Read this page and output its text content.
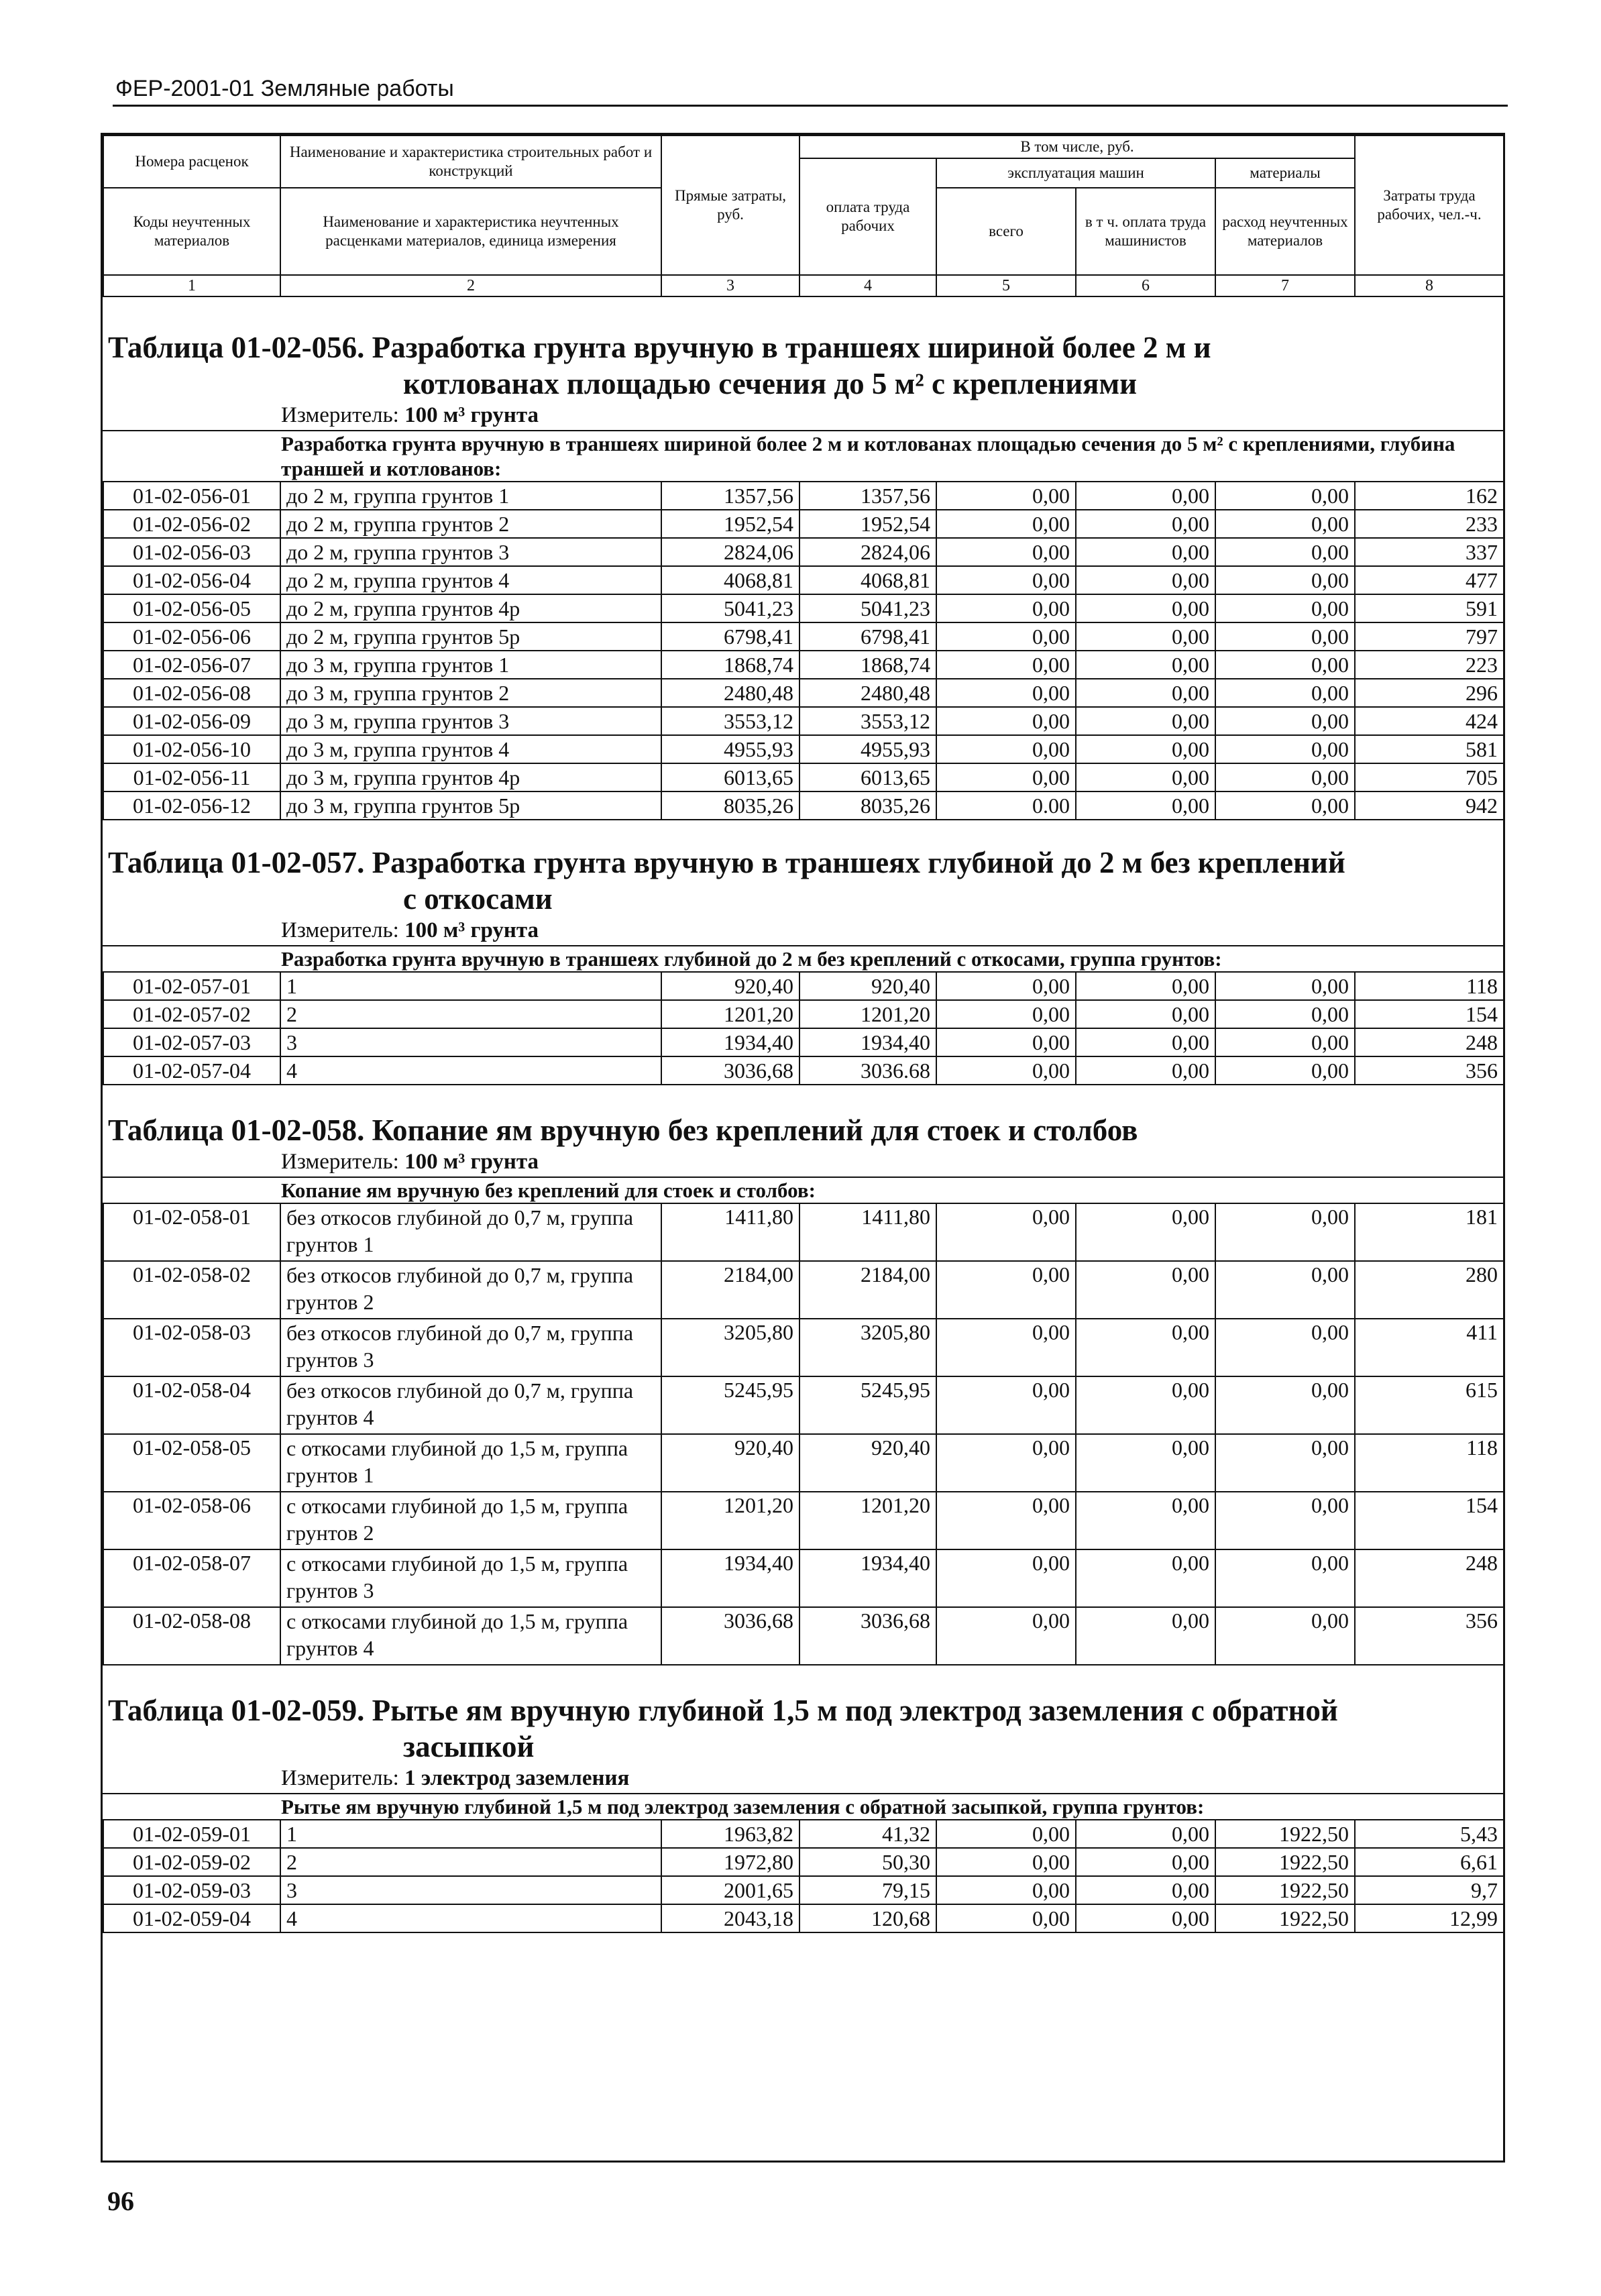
ФЕР-2001-01 Земляные работы
Номера расценок	Наименование и характеристика строительных работ и конструкций	Прямые затраты, руб.	В том числе, руб.				Затраты труда рабочих, чел.-ч.
			оплата труда рабочих	эксплуатация машин		материалы	
Коды неучтенных материалов	Наименование и характеристика неучтенных расценками материалов, единица измерения			всего	в т ч. оплата труда машинистов	расход неучтенных материалов	

1	2	3	4	5	6	7	8
Таблица 01-02-056. Разработка грунта вручную в траншеях шириной более 2 м и
котлованах площадью сечения до 5 м² с креплениями
Измеритель: 100 м³ грунта
Разработка грунта вручную в траншеях шириной более 2 м и котлованах площадью сечения до 5 м² с креплениями, глубина траншей и котлованов:
01-02-056-01	до 2 м, группа грунтов 1	1357,56	1357,56	0,00	0,00	0,00	162
01-02-056-02	до 2 м, группа грунтов 2	1952,54	1952,54	0,00	0,00	0,00	233
01-02-056-03	до 2 м, группа грунтов 3	2824,06	2824,06	0,00	0,00	0,00	337
01-02-056-04	до 2 м, группа грунтов 4	4068,81	4068,81	0,00	0,00	0,00	477
01-02-056-05	до 2 м, группа грунтов 4р	5041,23	5041,23	0,00	0,00	0,00	591
01-02-056-06	до 2 м, группа грунтов 5р	6798,41	6798,41	0,00	0,00	0,00	797
01-02-056-07	до 3 м, группа грунтов 1	1868,74	1868,74	0,00	0,00	0,00	223
01-02-056-08	до 3 м, группа грунтов 2	2480,48	2480,48	0,00	0,00	0,00	296
01-02-056-09	до 3 м, группа грунтов 3	3553,12	3553,12	0,00	0,00	0,00	424
01-02-056-10	до 3 м, группа грунтов 4	4955,93	4955,93	0,00	0,00	0,00	581
01-02-056-11	до 3 м, группа грунтов 4р	6013,65	6013,65	0,00	0,00	0,00	705
01-02-056-12	до 3 м, группа грунтов 5р	8035,26	8035,26	0.00	0,00	0,00	942
Таблица 01-02-057. Разработка грунта вручную в траншеях глубиной до 2 м без креплений
с откосами
Измеритель: 100 м³ грунта
Разработка грунта вручную в траншеях глубиной до 2 м без креплений с откосами, группа грунтов:
01-02-057-01	1	920,40	920,40	0,00	0,00	0,00	118
01-02-057-02	2	1201,20	1201,20	0,00	0,00	0,00	154
01-02-057-03	3	1934,40	1934,40	0,00	0,00	0,00	248
01-02-057-04	4	3036,68	3036.68	0,00	0,00	0,00	356
Таблица 01-02-058. Копание ям вручную без креплений для стоек и столбов
Измеритель: 100 м³ грунта
Копание ям вручную без креплений для стоек и столбов:
01-02-058-01	без откосов глубиной до 0,7 м, группа грунтов 1	1411,80	1411,80	0,00	0,00	0,00	181
01-02-058-02	без откосов глубиной до 0,7 м, группа грунтов 2	2184,00	2184,00	0,00	0,00	0,00	280
01-02-058-03	без откосов глубиной до 0,7 м, группа грунтов 3	3205,80	3205,80	0,00	0,00	0,00	411
01-02-058-04	без откосов глубиной до 0,7 м, группа грунтов 4	5245,95	5245,95	0,00	0,00	0,00	615
01-02-058-05	с откосами глубиной до 1,5 м, группа грунтов 1	920,40	920,40	0,00	0,00	0,00	118
01-02-058-06	с откосами глубиной до 1,5 м, группа грунтов 2	1201,20	1201,20	0,00	0,00	0,00	154
01-02-058-07	с откосами глубиной до 1,5 м, группа грунтов 3	1934,40	1934,40	0,00	0,00	0,00	248
01-02-058-08	с откосами глубиной до 1,5 м, группа грунтов 4	3036,68	3036,68	0,00	0,00	0,00	356
Таблица 01-02-059. Рытье ям вручную глубиной 1,5 м под электрод заземления с обратной
засыпкой
Измеритель: 1 электрод заземления
Рытье ям вручную глубиной 1,5 м под электрод заземления с обратной засыпкой, группа грунтов:
01-02-059-01	1	1963,82	41,32	0,00	0,00	1922,50	5,43
01-02-059-02	2	1972,80	50,30	0,00	0,00	1922,50	6,61
01-02-059-03	3	2001,65	79,15	0,00	0,00	1922,50	9,7
01-02-059-04	4	2043,18	120,68	0,00	0,00	1922,50	12,99
96
